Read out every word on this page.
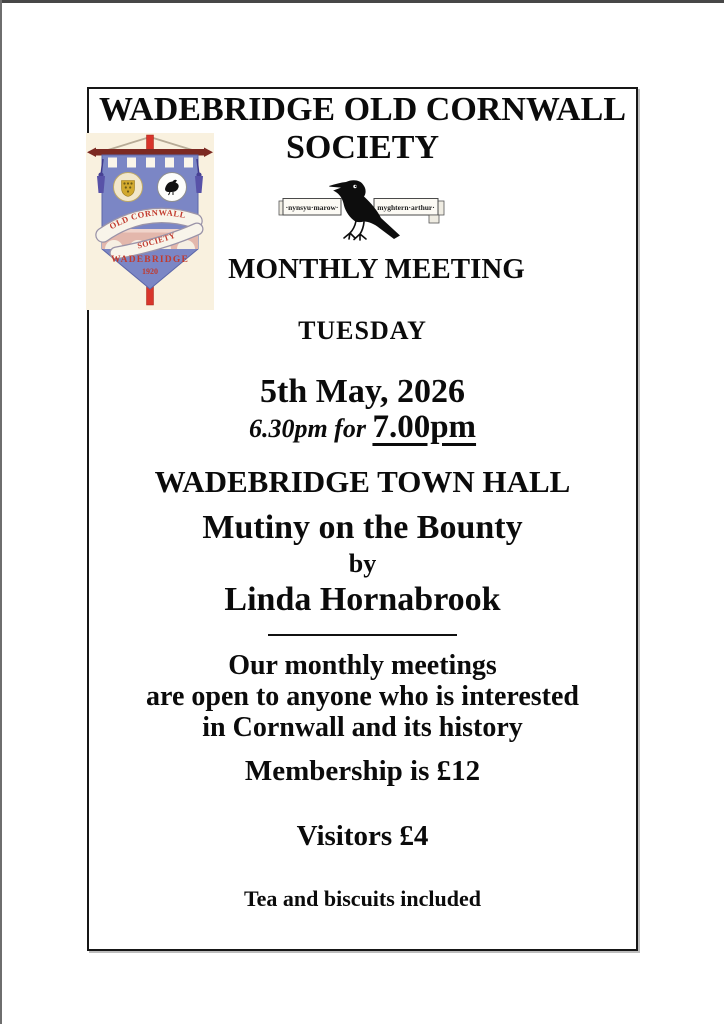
WADEBRIDGE OLD CORNWALL
SOCIETY
OLD CORNWALL
SOCIETY
WADEBRIDGE
1920
·nynsyu·marow·	myghtern·arthur·
MONTHLY MEETING
TUESDAY
5th May, 2026
6.30pm for 7.00pm
WADEBRIDGE TOWN HALL
Mutiny on the Bounty
by
Linda Hornabrook
Our monthly meetings
are open to anyone who is interested
in Cornwall and its history
Membership is £12
Visitors £4
Tea and biscuits included
